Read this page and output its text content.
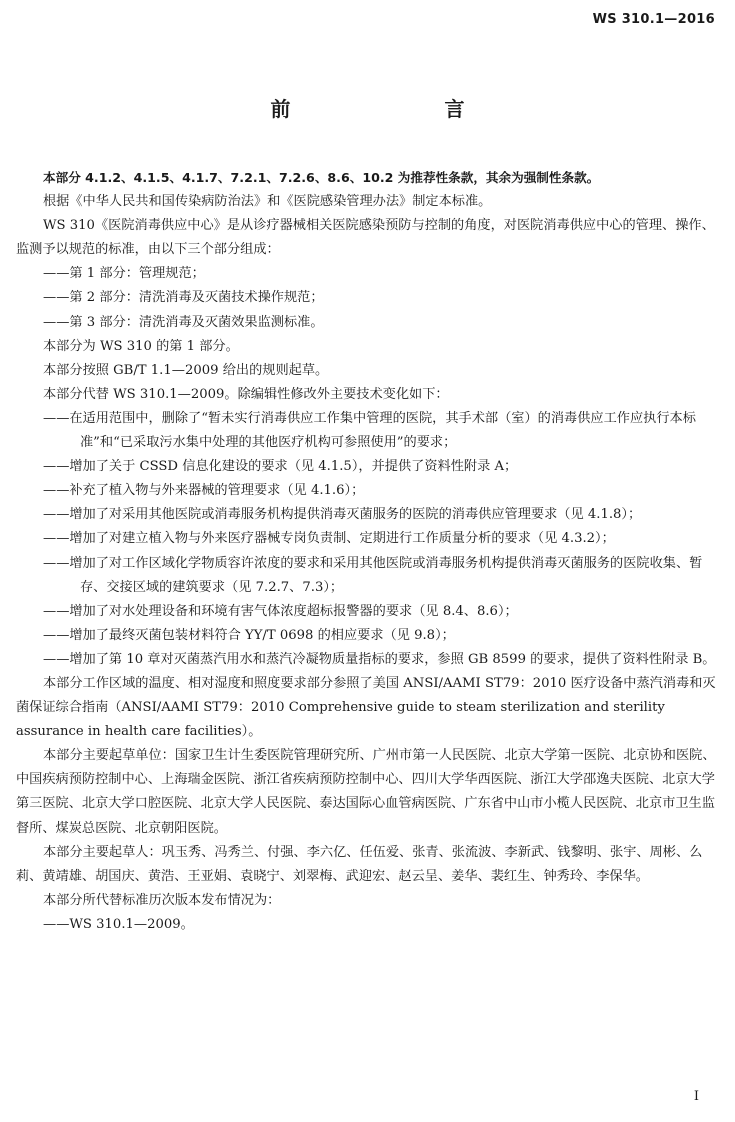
WS 310.1—2016
前　　言

本部分 4.1.2、4.1.5、4.1.7、7.2.1、7.2.6、8.6、10.2 为推荐性条款，其余为强制性条款。

根据《中华人民共和国传染病防治法》和《医院感染管理办法》制定本标准。

WS 310《医院消毒供应中心》是从诊疗器械相关医院感染预防与控制的角度，对医院消毒供应中心的管理、操作、监测予以规范的标准，由以下三个部分组成：

——第 1 部分：管理规范；

——第 2 部分：清洗消毒及灭菌技术操作规范；

——第 3 部分：清洗消毒及灭菌效果监测标准。

本部分为 WS 310 的第 1 部分。

本部分按照 GB/T 1.1—2009 给出的规则起草。

本部分代替 WS 310.1—2009。除编辑性修改外主要技术变化如下：

——在适用范围中，删除了“暂未实行消毒供应工作集中管理的医院，其手术部（室）的消毒供应工作应执行本标准”和“已采取污水集中处理的其他医疗机构可参照使用”的要求；

——增加了关于 CSSD 信息化建设的要求（见 4.1.5），并提供了资料性附录 A；

——补充了植入物与外来器械的管理要求（见 4.1.6）；

——增加了对采用其他医院或消毒服务机构提供消毒灭菌服务的医院的消毒供应管理要求（见 4.1.8）；

——增加了对建立植入物与外来医疗器械专岗负责制、定期进行工作质量分析的要求（见 4.3.2）；

——增加了对工作区域化学物质容许浓度的要求和采用其他医院或消毒服务机构提供消毒灭菌服务的医院收集、暂存、交接区域的建筑要求（见 7.2.7、7.3）；

——增加了对水处理设备和环境有害气体浓度超标报警器的要求（见 8.4、8.6）；

——增加了最终灭菌包装材料符合 YY/T 0698 的相应要求（见 9.8）；

——增加了第 10 章对灭菌蒸汽用水和蒸汽冷凝物质量指标的要求，参照 GB 8599 的要求，提供了资料性附录 B。

本部分工作区域的温度、相对湿度和照度要求部分参照了美国 ANSI/AAMI ST79：2010 医疗设备中蒸汽消毒和灭菌保证综合指南（ANSI/AAMI ST79：2010 Comprehensive guide to steam sterilization and sterility assurance in health care facilities）。

本部分主要起草单位：国家卫生计生委医院管理研究所、广州市第一人民医院、北京大学第一医院、北京协和医院、中国疾病预防控制中心、上海瑞金医院、浙江省疾病预防控制中心、四川大学华西医院、浙江大学邵逸夫医院、北京大学第三医院、北京大学口腔医院、北京大学人民医院、泰达国际心血管病医院、广东省中山市小榄人民医院、北京市卫生监督所、煤炭总医院、北京朝阳医院。

本部分主要起草人：巩玉秀、冯秀兰、付强、李六亿、任伍爱、张青、张流波、李新武、钱黎明、张宇、周彬、么莉、黄靖雄、胡国庆、黄浩、王亚娟、袁晓宁、刘翠梅、武迎宏、赵云呈、姜华、裴红生、钟秀玲、李保华。

本部分所代替标准历次版本发布情况为：

——WS 310.1—2009。

I
